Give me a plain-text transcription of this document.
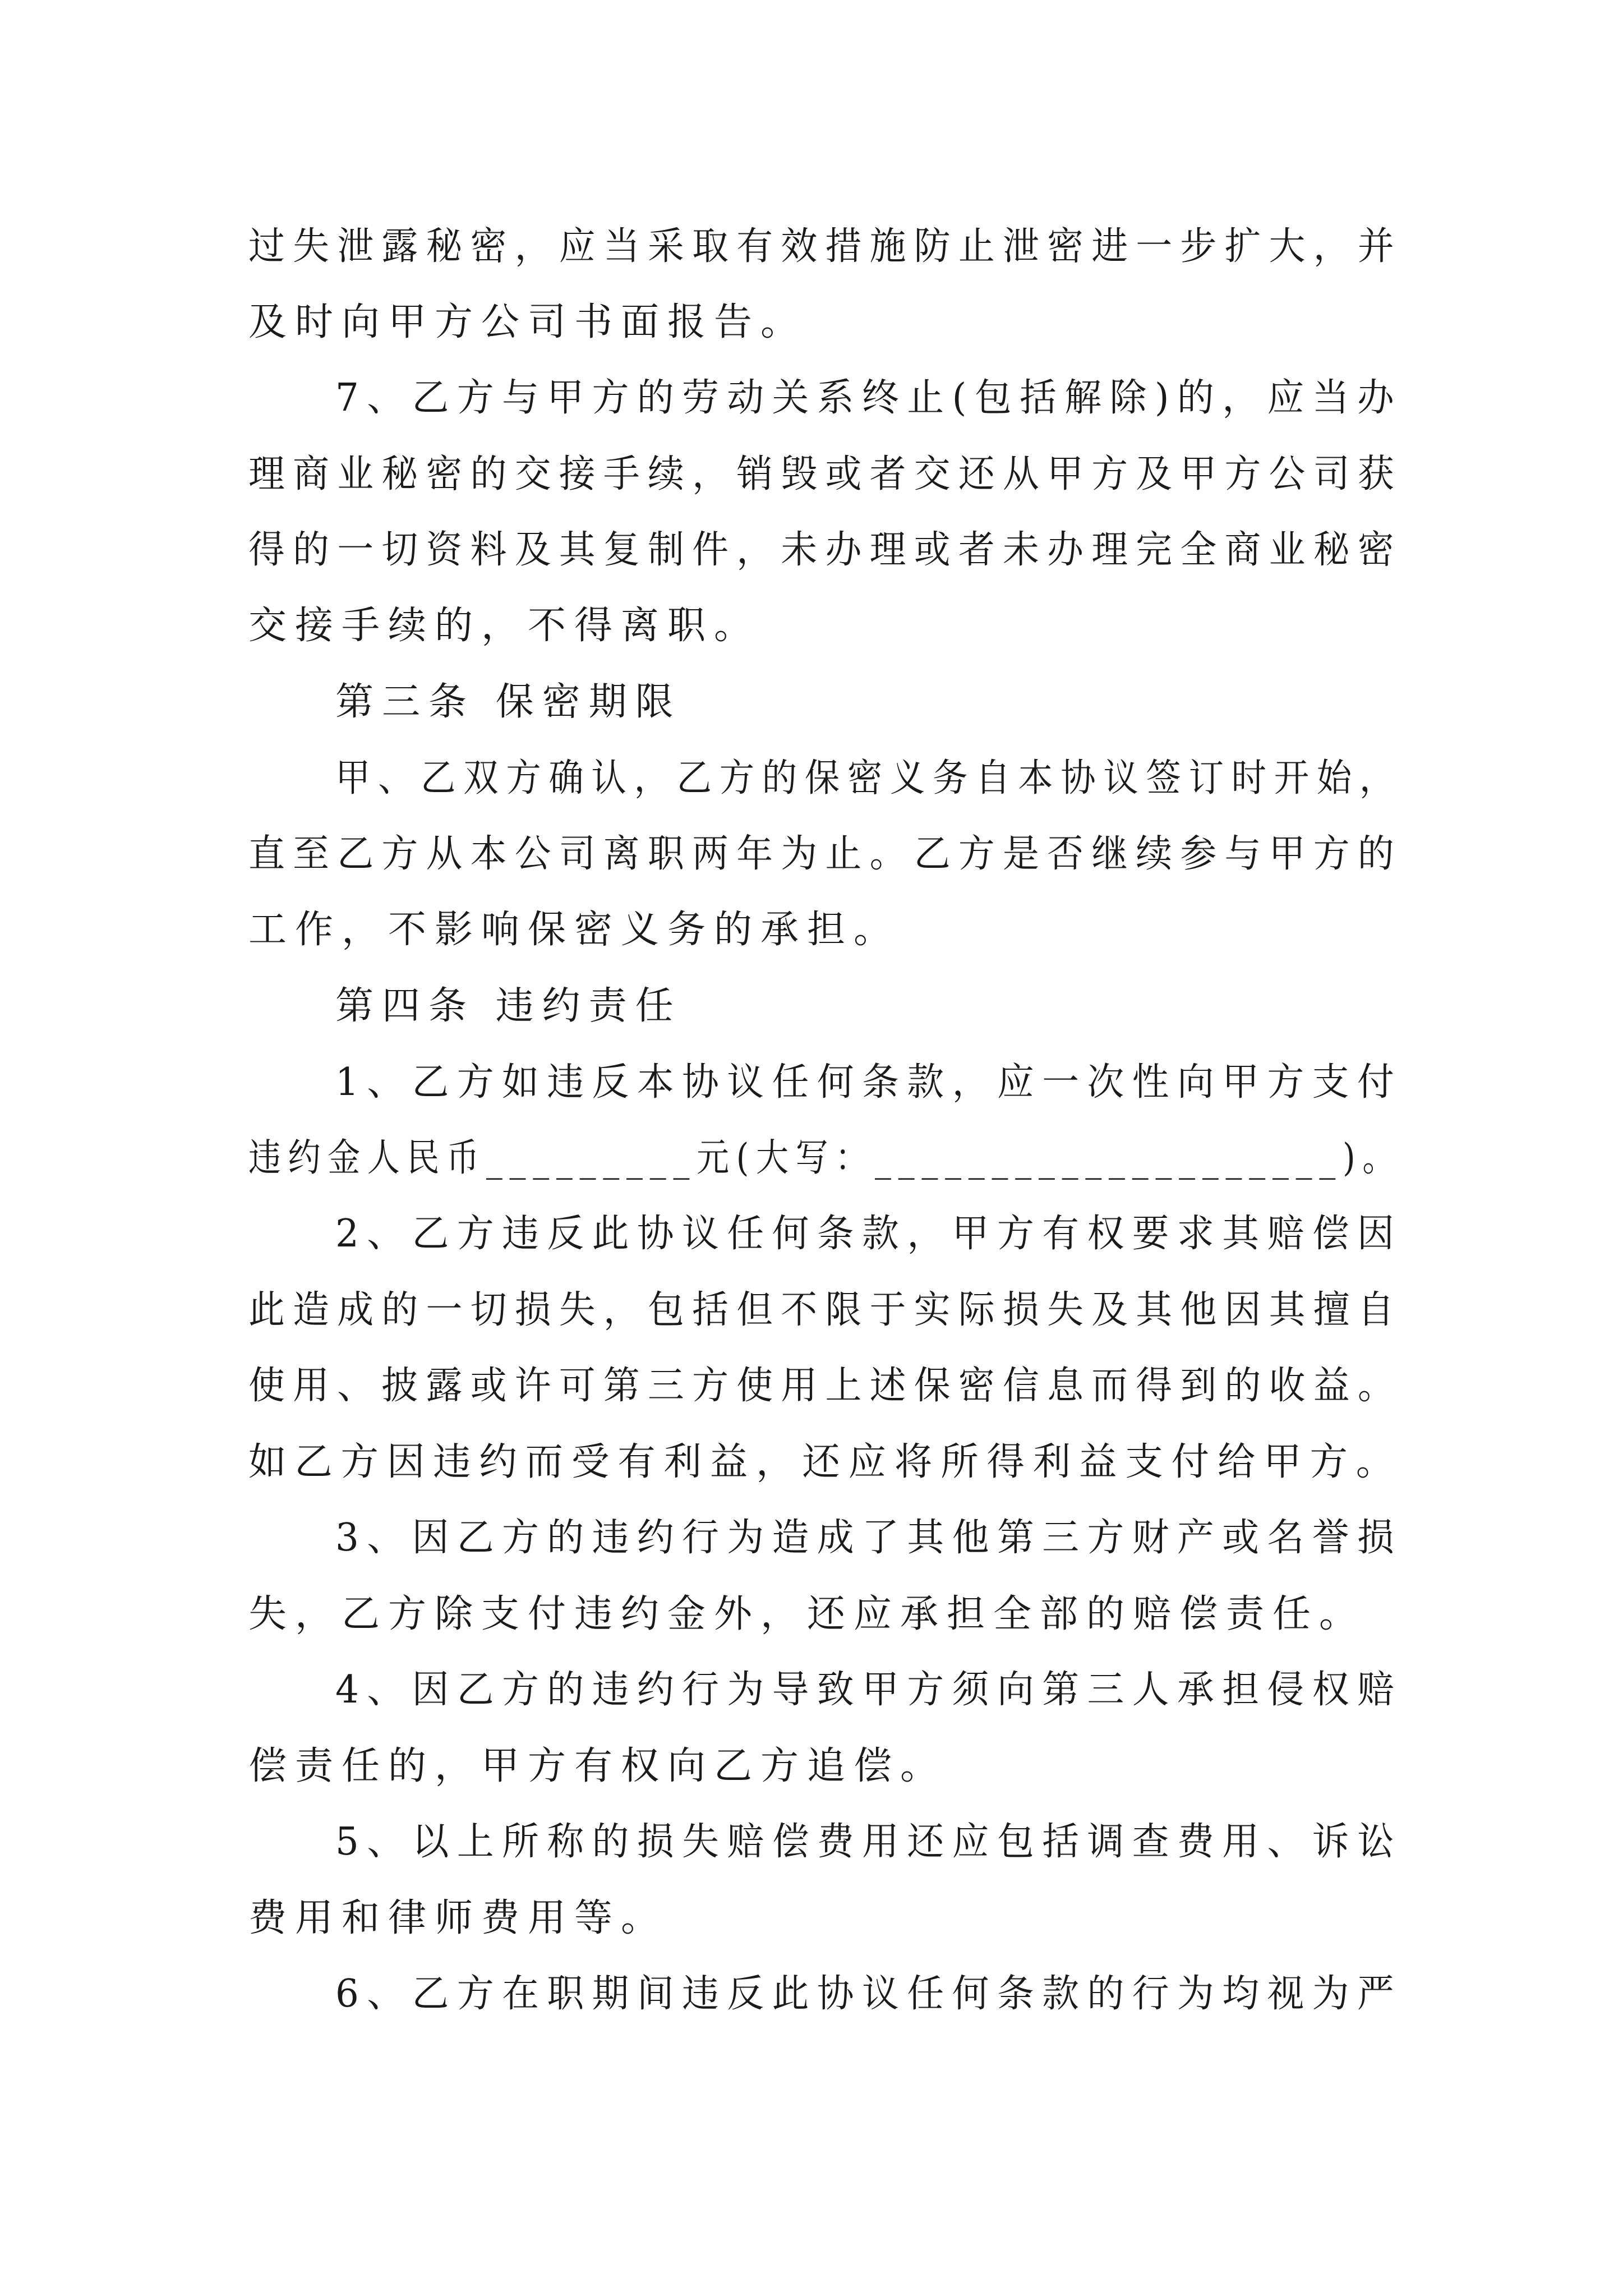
过失泄露秘密，应当采取有效措施防止泄密进一步扩大，并
及时向甲方公司书面报告。
7、乙方与甲方的劳动关系终止(包括解除)的，应当办
理商业秘密的交接手续，销毁或者交还从甲方及甲方公司获
得的一切资料及其复制件，未办理或者未办理完全商业秘密
交接手续的，不得离职。
第三条 保密期限
甲、乙双方确认，乙方的保密义务自本协议签订时开始，
直至乙方从本公司离职两年为止。乙方是否继续参与甲方的
工作，不影响保密义务的承担。
第四条 违约责任
1、乙方如违反本协议任何条款，应一次性向甲方支付
违约金人民币_________元(大写：____________________)。
2、乙方违反此协议任何条款，甲方有权要求其赔偿因
此造成的一切损失，包括但不限于实际损失及其他因其擅自
使用、披露或许可第三方使用上述保密信息而得到的收益。
如乙方因违约而受有利益，还应将所得利益支付给甲方。
3、因乙方的违约行为造成了其他第三方财产或名誉损
失，乙方除支付违约金外，还应承担全部的赔偿责任。
4、因乙方的违约行为导致甲方须向第三人承担侵权赔
偿责任的，甲方有权向乙方追偿。
5、以上所称的损失赔偿费用还应包括调查费用、诉讼
费用和律师费用等。
6、乙方在职期间违反此协议任何条款的行为均视为严
